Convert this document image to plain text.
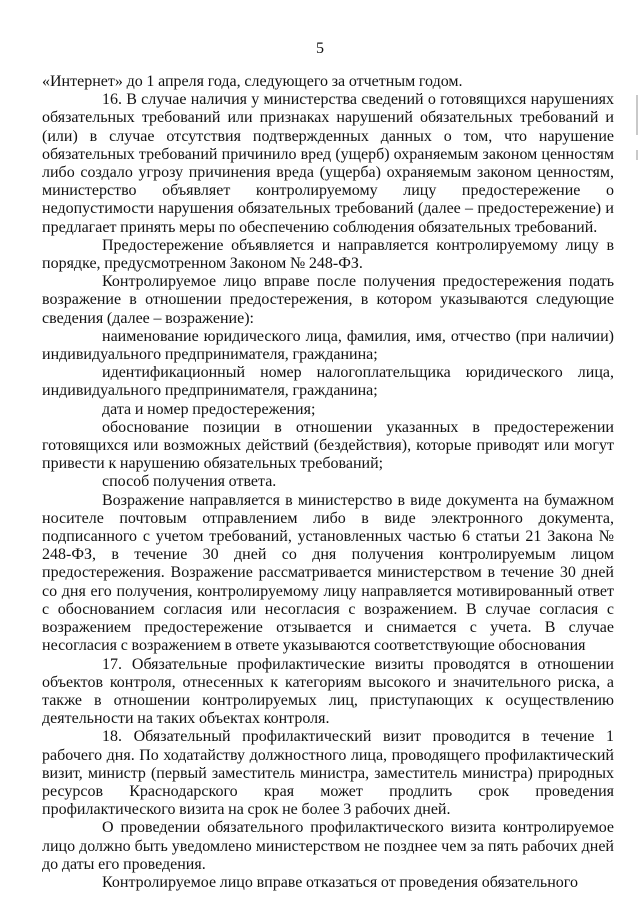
5

«Интернет» до 1 апреля года, следующего за отчетным годом.

16. В случае наличия у министерства сведений о готовящихся нарушениях обязательных требований или признаках нарушений обязательных требований и (или) в случае отсутствия подтвержденных данных о том, что нарушение обязательных требований причинило вред (ущерб) охраняемым законом ценностям либо создало угрозу причинения вреда (ущерба) охраняемым законом ценностям, министерство объявляет контролируемому лицу предостережение о недопустимости нарушения обязательных требований (далее – предостережение) и предлагает принять меры по обеспечению соблюдения обязательных требований.

Предостережение объявляется и направляется контролируемому лицу в порядке, предусмотренном Законом № 248-ФЗ.

Контролируемое лицо вправе после получения предостережения подать возражение в отношении предостережения, в котором указываются следующие сведения (далее – возражение):

наименование юридического лица, фамилия, имя, отчество (при наличии) индивидуального предпринимателя, гражданина;

идентификационный номер налогоплательщика юридического лица, индивидуального предпринимателя, гражданина;

дата и номер предостережения;

обоснование позиции в отношении указанных в предостережении готовящихся или возможных действий (бездействия), которые приводят или могут привести к нарушению обязательных требований;

способ получения ответа.

Возражение направляется в министерство в виде документа на бумажном носителе почтовым отправлением либо в виде электронного документа, подписанного с учетом требований, установленных частью 6 статьи 21 Закона № 248-ФЗ, в течение 30 дней со дня получения контролируемым лицом предостережения. Возражение рассматривается министерством в течение 30 дней со дня его получения, контролируемому лицу направляется мотивированный ответ с обоснованием согласия или несогласия с возражением. В случае согласия с возражением предостережение отзывается и снимается с учета. В случае несогласия с возражением в ответе указываются соответствующие обоснования

17. Обязательные профилактические визиты проводятся в отношении объектов контроля, отнесенных к категориям высокого и значительного риска, а также в отношении контролируемых лиц, приступающих к осуществлению деятельности на таких объектах контроля.

18. Обязательный профилактический визит проводится в течение 1 рабочего дня. По ходатайству должностного лица, проводящего профилактический визит, министр (первый заместитель министра, заместитель министра) природных ресурсов Краснодарского края может продлить срок проведения профилактического визита на срок не более 3 рабочих дней.

О проведении обязательного профилактического визита контролируемое лицо должно быть уведомлено министерством не позднее чем за пять рабочих дней до даты его проведения.

Контролируемое лицо вправе отказаться от проведения обязательного
